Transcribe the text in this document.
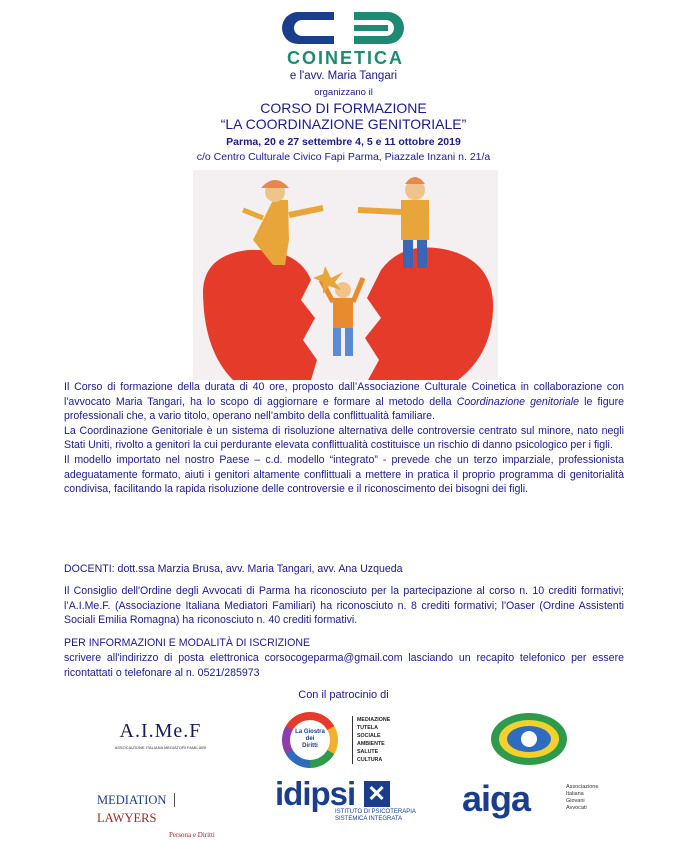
COINETICA
e l'avv. Maria Tangari
organizzano il
CORSO DI FORMAZIONE
“LA COORDINAZIONE GENITORIALE”
Parma, 20 e 27 settembre 4, 5 e 11 ottobre 2019
c/o Centro Culturale Civico Fapi Parma, Piazzale Inzani n. 21/a

Il Corso di formazione della durata di 40 ore, proposto dall’Associazione Culturale Coinetica in collaborazione con l'avvocato Maria Tangari, ha lo scopo di aggiornare e formare al metodo della Coordinazione genitoriale le figure professionali che, a vario titolo, operano nell’ambito della conflittualità familiare.

La Coordinazione Genitoriale è un sistema di risoluzione alternativa delle controversie centrato sul minore, nato negli Stati Uniti, rivolto a genitori la cui perdurante elevata conflittualità costituisce un rischio di danno psicologico per i figli.

Il modello importato nel nostro Paese – c.d. modello “integrato” - prevede che un terzo imparziale, professionista adeguatamente formato, aiuti i genitori altamente conflittuali a mettere in pratica il proprio programma di genitorialità condivisa, facilitando la rapida risoluzione delle controversie e il riconoscimento dei bisogni dei figli.

DOCENTI: dott.ssa Marzia Brusa, avv. Maria Tangari, avv. Ana Uzqueda
Il Consiglio dell'Ordine degli Avvocati di Parma ha riconosciuto per la partecipazione al corso n. 10 crediti formativi; l’A.I.Me.F. (Associazione Italiana Mediatori Familiari) ha riconosciuto n. 8 crediti formativi; l'Oaser (Ordine Assistenti Sociali Emilia Romagna) ha riconosciuto n. 40 crediti formativi.
PER INFORMAZIONI E MODALITÀ DI ISCRIZIONE
scrivere all'indirizzo di posta elettronica corsocogeparma@gmail.com lasciando un recapito telefonico per essere ricontattati o telefonare al n. 0521/285973
Con il patrocinio di
A.I.Me.F
ASSOCIAZIONE ITALIANA MEDIATORI FAMILIARI
La Giostra
dei
Diritti
MEDIAZIONE
TUTELA
SOCIALE
AMBIENTE
SALUTE
CULTURA
MEDIATION  LAWYERS
Persona e Diritti
idipsi ✕
ISTITUTO DI PSICOTERAPIA
SISTEMICA INTEGRATA	aiga	Associazione
Italiana
Giovani
Avvocati
